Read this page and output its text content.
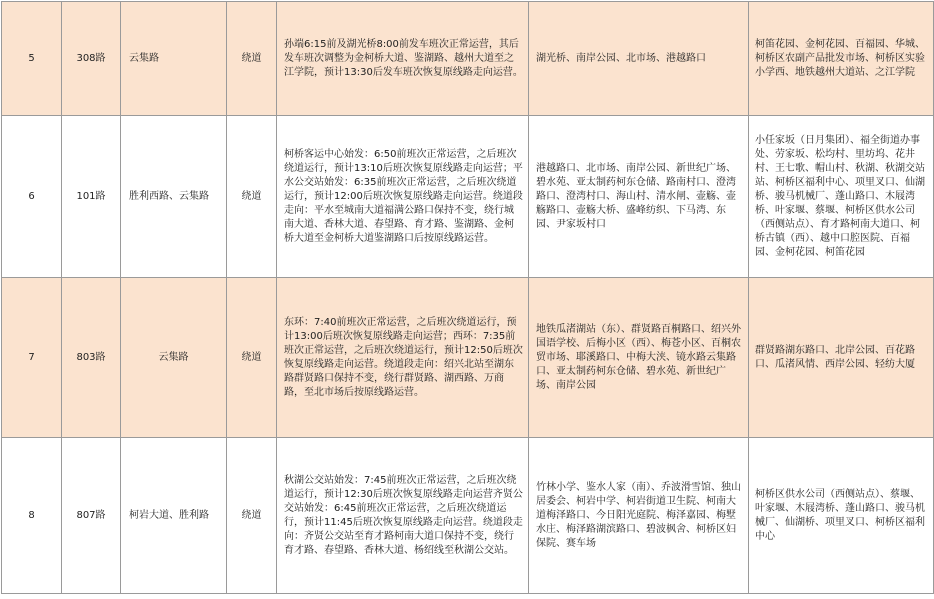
5	308路	云集路	绕道	孙端6:15前及湖光桥8:00前发车班次正常运营，其后发车班次调整为金柯桥大道、鉴湖路、越州大道至之江学院，预计13:30后发车班次恢复原线路走向运营。	湖光桥、南岸公园、北市场、港越路口	柯笛花园、金柯花园、百福园、华城、柯桥区农副产品批发市场、柯桥区实验小学西、地铁越州大道站、之江学院
6	101路	胜利西路、云集路	绕道	柯桥客运中心始发：6:50前班次正常运营，之后班次绕道运行，预计13:10后班次恢复原线路走向运营；平水公交站始发：6:35前班次正常运营，之后班次绕道运行，预计12:00后班次恢复原线路走向运营。绕道段走向：平水至城南大道福满公路口保持不变，绕行城南大道、香林大道、春望路、育才路、鉴湖路、金柯桥大道至金柯桥大道鉴湖路口后按原线路运营。	港越路口、北市场、南岸公园、新世纪广场、碧水苑、亚太制药柯东仓储、路南村口、澄湾路口、澄湾村口、海山村、清水闸、壶觞、壶觞路口、壶觞大桥、盛峰纺织、下马湾、东园、尹家坂村口	小任家坂（日月集团）、福全街道办事处、劳家坂、松均村、里坊坞、花井村、王七歌、帽山村、秋湖、秋湖交站站、柯桥区福利中心、项里叉口、仙湖桥、骏马机械厂、蓬山路口、木屐湾桥、叶家堰、蔡堰、柯桥区供水公司（西侧站点）、育才路柯南大道口、柯桥古镇（西）、越中口腔医院、百福园、金柯花园、柯笛花园
7	803路	云集路	绕道	东环：7:40前班次正常运营，之后班次绕道运行，预计13:00后班次恢复原线路走向运营；西环：7:35前班次正常运营，之后班次绕道运行，预计12:50后班次恢复原线路走向运营。绕道段走向：绍兴北站至湖东路群贤路口保持不变，绕行群贤路、湖西路、万商路，至北市场后按原线路运营。	地铁瓜渚湖站（东）、群贤路百桐路口、绍兴外国语学校、后梅小区（西）、梅苍小区、百桐农贸市场、耶溪路口、中梅大浃、镜水路云集路口、亚太制药柯东仓储、碧水苑、新世纪广场、南岸公园	群贤路湖东路口、北岸公园、百花路口、瓜渚风情、西岸公园、轻纺大厦
8	807路	柯岩大道、胜利路	绕道	秋湖公交站始发：7:45前班次正常运营，之后班次绕道运行，预计12:30后班次恢复原线路走向运营齐贤公交站始发：6:45前班次正常运营，之后班次绕道运行，预计11:45后班次恢复原线路走向运营。绕道段走向：齐贤公交站至育才路柯南大道口保持不变，绕行育才路、春望路、香林大道、杨绍线至秋湖公交站。	竹林小学、鉴水人家（南）、乔波滑雪馆、独山居委会、柯岩中学、柯岩街道卫生院、柯南大道梅泽路口、今日阳光庭院、梅泽嘉园、梅墅水庄、梅泽路湖滨路口、碧波枫舍、柯桥区妇保院、赛车场	柯桥区供水公司（西侧站点）、蔡堰、叶家堰、木屐湾桥、蓬山路口、骏马机械厂、仙湖桥、项里叉口、柯桥区福利中心
